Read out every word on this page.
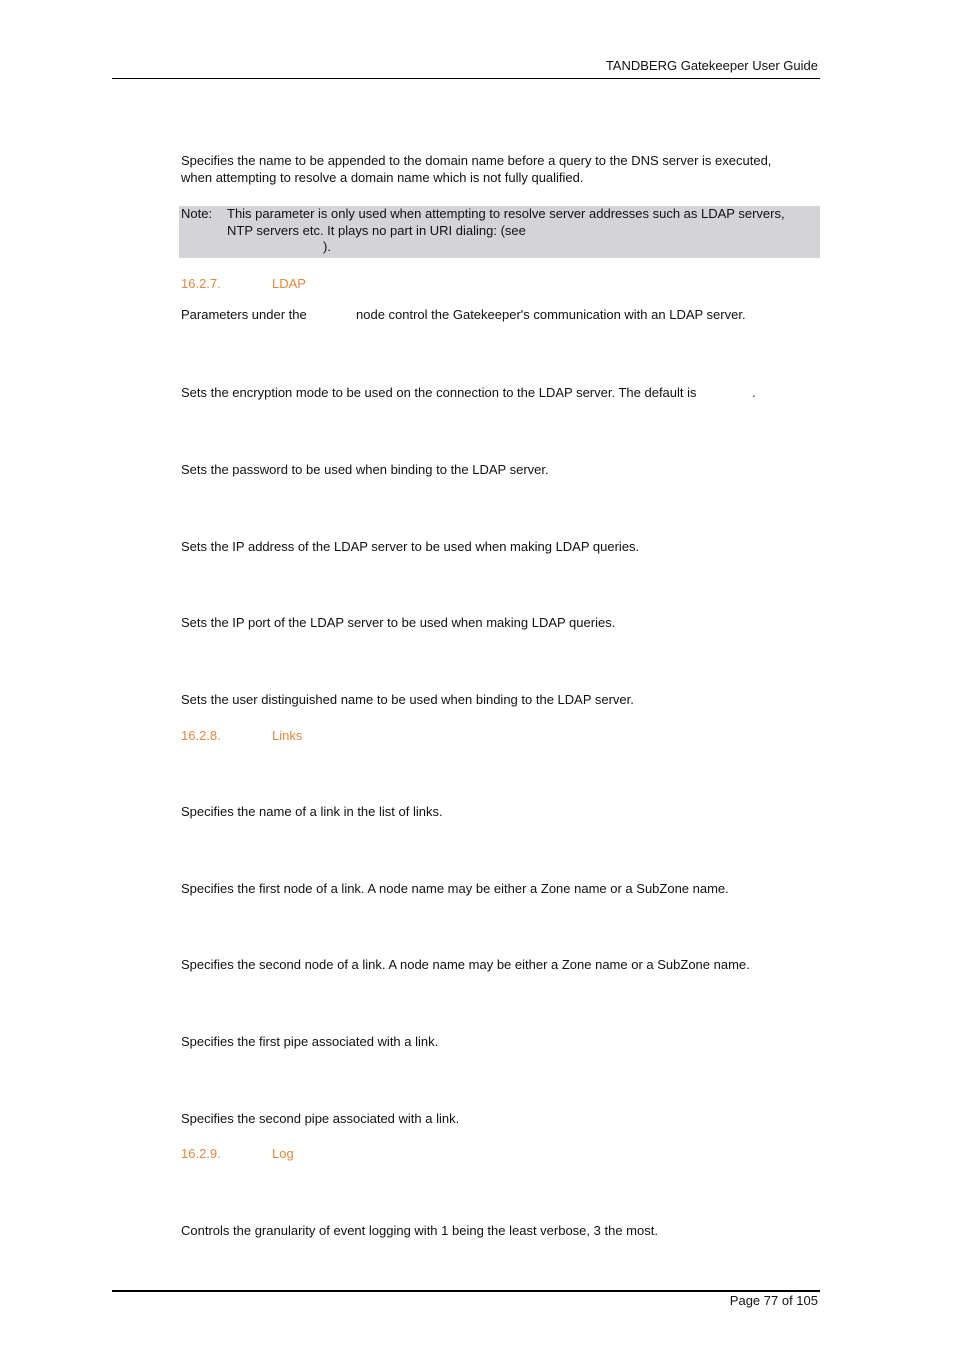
TANDBERG Gatekeeper User Guide
Specifies the name to be appended to the domain name before a query to the DNS server is executed,
when attempting to resolve a domain name which is not fully qualified.
Note: This parameter is only used when attempting to resolve server addresses such as LDAP servers,
NTP servers etc. It plays no part in URI dialing: (see
).
16.2.7.	LDAP
Parameters under the	node control the Gatekeeper's communication with an LDAP server.
Sets the encryption mode to be used on the connection to the LDAP server. The default is	.
Sets the password to be used when binding to the LDAP server.
Sets the IP address of the LDAP server to be used when making LDAP queries.
Sets the IP port of the LDAP server to be used when making LDAP queries.
Sets the user distinguished name to be used when binding to the LDAP server.
16.2.8.	Links
Specifies the name of a link in the list of links.
Specifies the first node of a link. A node name may be either a Zone name or a SubZone name.
Specifies the second node of a link. A node name may be either a Zone name or a SubZone name.
Specifies the first pipe associated with a link.
Specifies the second pipe associated with a link.
16.2.9.	Log
Controls the granularity of event logging with 1 being the least verbose, 3 the most.
Page 77 of 105
